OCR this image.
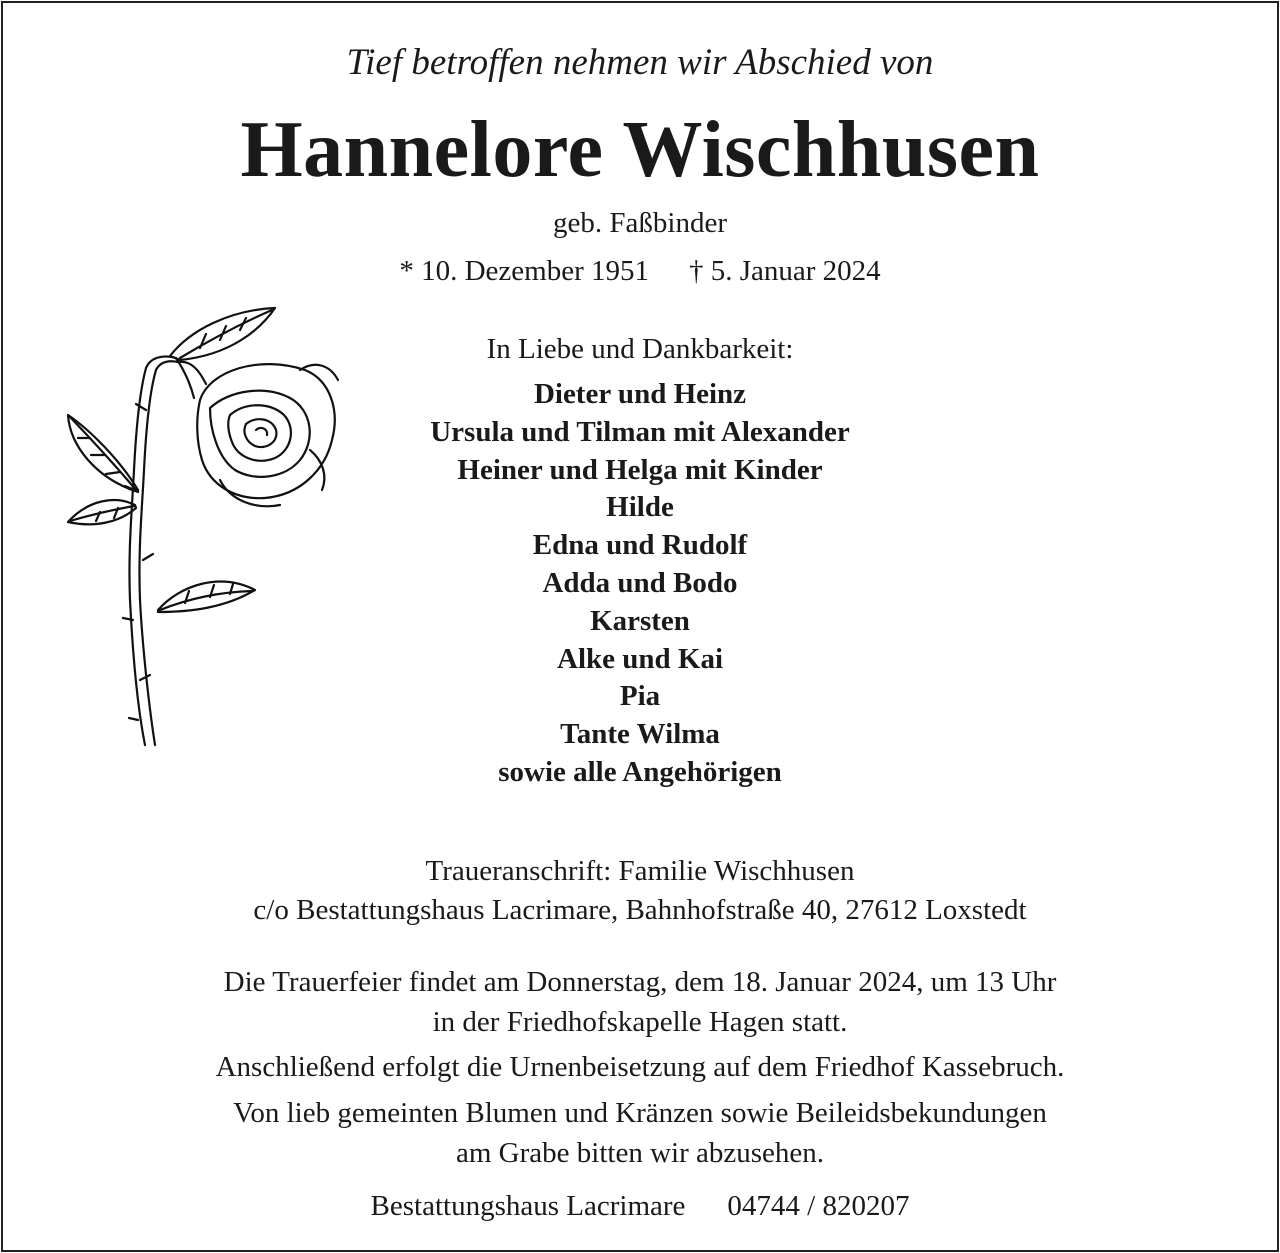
Tief betroffen nehmen wir Abschied von
Hannelore Wischhusen
geb. Faßbinder
* 10. Dezember 1951 † 5. Januar 2024
In Liebe und Dankbarkeit:
Dieter und Heinz
Ursula und Tilman mit Alexander
Heiner und Helga mit Kinder
Hilde
Edna und Rudolf
Adda und Bodo
Karsten
Alke und Kai
Pia
Tante Wilma
sowie alle Angehörigen
Traueranschrift: Familie Wischhusen
c/o Bestattungshaus Lacrimare, Bahnhofstraße 40, 27612 Loxstedt
Die Trauerfeier findet am Donnerstag, dem 18. Januar 2024, um 13 Uhr
in der Friedhofskapelle Hagen statt.
Anschließend erfolgt die Urnenbeisetzung auf dem Friedhof Kassebruch.
Von lieb gemeinten Blumen und Kränzen sowie Beileidsbekundungen
am Grabe bitten wir abzusehen.
Bestattungshaus Lacrimare 04744 / 820207
